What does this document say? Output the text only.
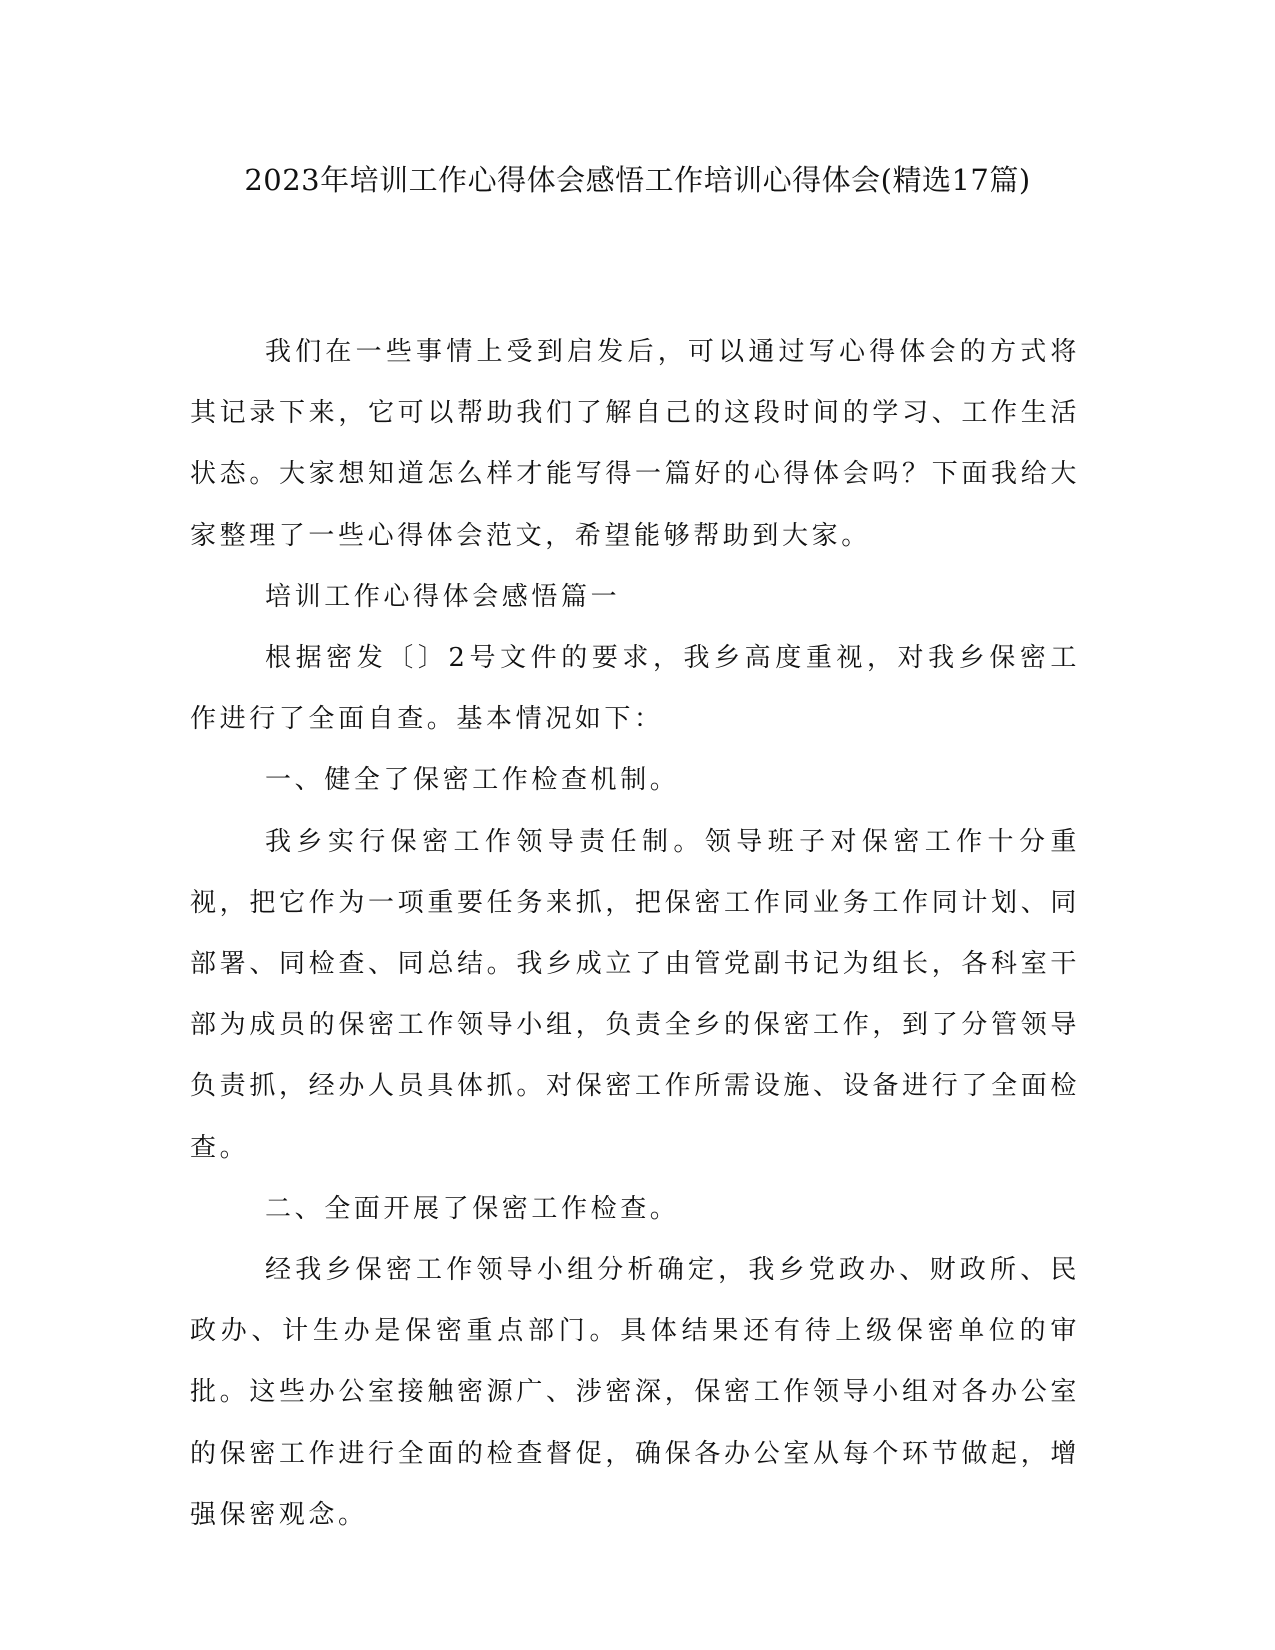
2023年培训工作心得体会感悟工作培训心得体会(精选17篇)

我们在一些事情上受到启发后，可以通过写心得体会的方式将其记录下来，它可以帮助我们了解自己的这段时间的学习、工作生活状态。大家想知道怎么样才能写得一篇好的心得体会吗？下面我给大家整理了一些心得体会范文，希望能够帮助到大家。

培训工作心得体会感悟篇一

根据密发〔〕2号文件的要求，我乡高度重视，对我乡保密工作进行了全面自查。基本情况如下：

一、健全了保密工作检查机制。

我乡实行保密工作领导责任制。领导班子对保密工作十分重视，把它作为一项重要任务来抓，把保密工作同业务工作同计划、同部署、同检查、同总结。我乡成立了由管党副书记为组长，各科室干部为成员的保密工作领导小组，负责全乡的保密工作，到了分管领导负责抓，经办人员具体抓。对保密工作所需设施、设备进行了全面检查。

二、全面开展了保密工作检查。

经我乡保密工作领导小组分析确定，我乡党政办、财政所、民政办、计生办是保密重点部门。具体结果还有待上级保密单位的审批。这些办公室接触密源广、涉密深，保密工作领导小组对各办公室的保密工作进行全面的检查督促，确保各办公室从每个环节做起，增强保密观念。
